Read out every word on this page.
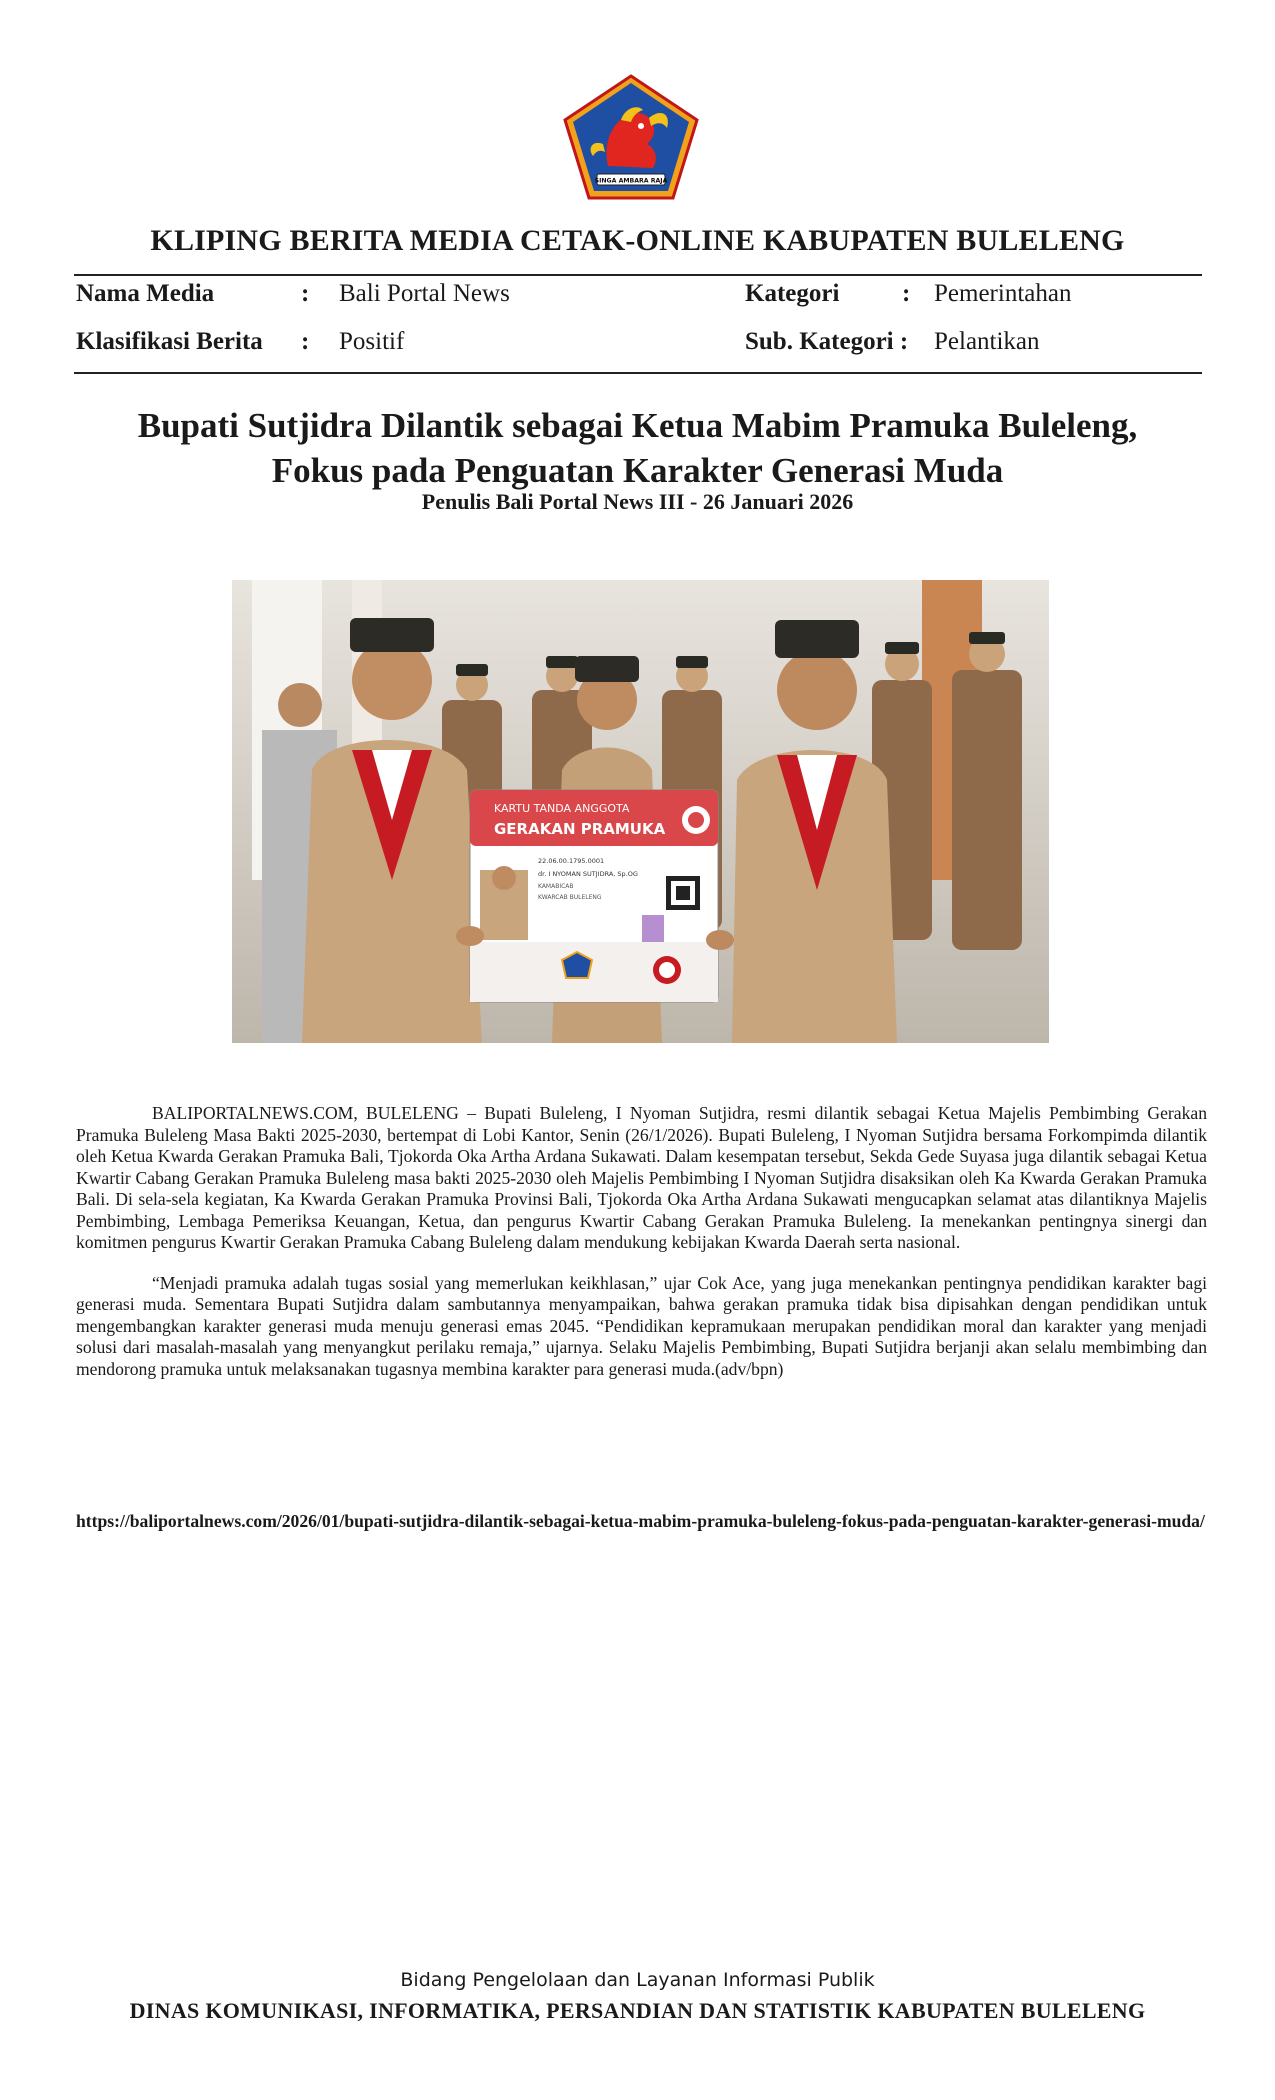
SINGA AMBARA RAJA
KLIPING BERITA MEDIA CETAK-ONLINE KABUPATEN BULELENG
Nama Media	: Bali Portal News	Kategori	: Pemerintahan
Klasifikasi Berita : Positif	Sub. Kategori : Pelantikan
Bupati Sutjidra Dilantik sebagai Ketua Mabim Pramuka Buleleng,
Fokus pada Penguatan Karakter Generasi Muda
Penulis Bali Portal News III - 26 Januari 2026
KARTU TANDA ANGGOTA
GERAKAN PRAMUKA
22.06.00.1795.0001
dr. I NYOMAN SUTJIDRA, Sp.OG
KAMABICAB
KWARCAB BULELENG

BALIPORTALNEWS.COM, BULELENG – Bupati Buleleng, I Nyoman Sutjidra, resmi dilantik sebagai Ketua Majelis Pembimbing Gerakan Pramuka Buleleng Masa Bakti 2025-2030, bertempat di Lobi Kantor, Senin (26/1/2026). Bupati Buleleng, I Nyoman Sutjidra bersama Forkompimda dilantik oleh Ketua Kwarda Gerakan Pramuka Bali, Tjokorda Oka Artha Ardana Sukawati. Dalam kesempatan tersebut, Sekda Gede Suyasa juga dilantik sebagai Ketua Kwartir Cabang Gerakan Pramuka Buleleng masa bakti 2025-2030 oleh Majelis Pembimbing I Nyoman Sutjidra disaksikan oleh Ka Kwarda Gerakan Pramuka Bali. Di sela-sela kegiatan, Ka Kwarda Gerakan Pramuka Provinsi Bali, Tjokorda Oka Artha Ardana Sukawati mengucapkan selamat atas dilantiknya Majelis Pembimbing, Lembaga Pemeriksa Keuangan, Ketua, dan pengurus Kwartir Cabang Gerakan Pramuka Buleleng. Ia menekankan pentingnya sinergi dan komitmen pengurus Kwartir Gerakan Pramuka Cabang Buleleng dalam mendukung kebijakan Kwarda Daerah serta nasional.

“Menjadi pramuka adalah tugas sosial yang memerlukan keikhlasan,” ujar Cok Ace, yang juga menekankan pentingnya pendidikan karakter bagi generasi muda. Sementara Bupati Sutjidra dalam sambutannya menyampaikan, bahwa gerakan pramuka tidak bisa dipisahkan dengan pendidikan untuk mengembangkan karakter generasi muda menuju generasi emas 2045. “Pendidikan kepramukaan merupakan pendidikan moral dan karakter yang menjadi solusi dari masalah-masalah yang menyangkut perilaku remaja,” ujarnya. Selaku Majelis Pembimbing, Bupati Sutjidra berjanji akan selalu membimbing dan mendorong pramuka untuk melaksanakan tugasnya membina karakter para generasi muda.(adv/bpn)

https://baliportalnews.com/2026/01/bupati-sutjidra-dilantik-sebagai-ketua-mabim-pramuka-buleleng-fokus-pada-penguatan-karakter-generasi-muda/
Bidang Pengelolaan dan Layanan Informasi Publik
DINAS KOMUNIKASI, INFORMATIKA, PERSANDIAN DAN STATISTIK KABUPATEN BULELENG
